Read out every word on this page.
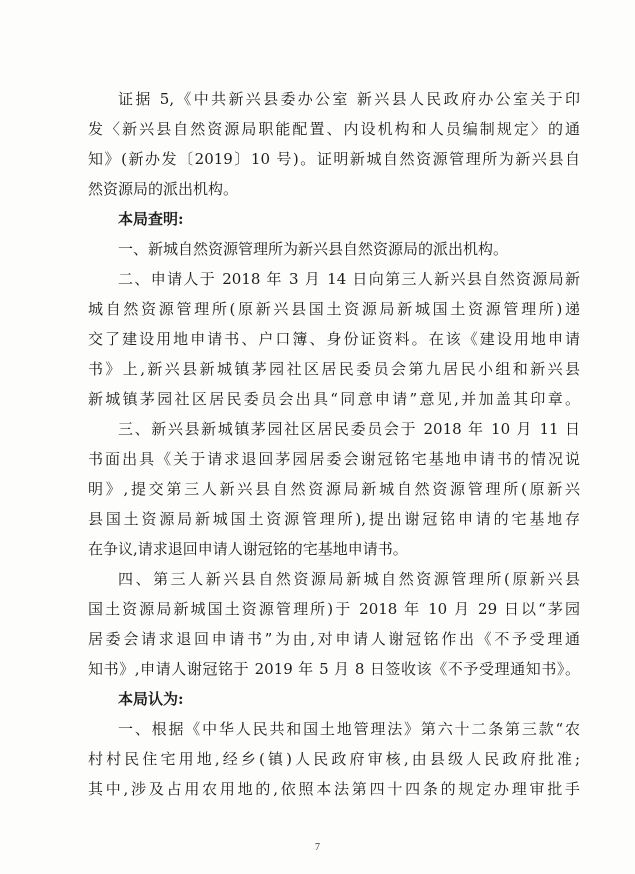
证据 5,《中共新兴县委办公室 新兴县人民政府办公室关于印
发〈新兴县自然资源局职能配置、内设机构和人员编制规定〉的通
知》(新办发〔2019〕10 号)。证明新城自然资源管理所为新兴县自
然资源局的派出机构。
本局查明:
一、新城自然资源管理所为新兴县自然资源局的派出机构。
二、申请人于 2018 年 3 月 14 日向第三人新兴县自然资源局新
城自然资源管理所(原新兴县国土资源局新城国土资源管理所)递
交了建设用地申请书、户口簿、身份证资料。在该《建设用地申请
书》上,新兴县新城镇茅园社区居民委员会第九居民小组和新兴县
新城镇茅园社区居民委员会出具“同意申请”意见,并加盖其印章。
三、新兴县新城镇茅园社区居民委员会于 2018 年 10 月 11 日
书面出具《关于请求退回茅园居委会谢冠铭宅基地申请书的情况说
明》,提交第三人新兴县自然资源局新城自然资源管理所(原新兴
县国土资源局新城国土资源管理所),提出谢冠铭申请的宅基地存
在争议,请求退回申请人谢冠铭的宅基地申请书。
四、第三人新兴县自然资源局新城自然资源管理所(原新兴县
国土资源局新城国土资源管理所)于 2018 年 10 月 29 日以“茅园
居委会请求退回申请书”为由,对申请人谢冠铭作出《不予受理通
知书》,申请人谢冠铭于 2019 年 5 月 8 日签收该《不予受理通知书》。
本局认为:
一、根据《中华人民共和国土地管理法》第六十二条第三款“农
村村民住宅用地,经乡(镇)人民政府审核,由县级人民政府批准;
其中,涉及占用农用地的,依照本法第四十四条的规定办理审批手
7
